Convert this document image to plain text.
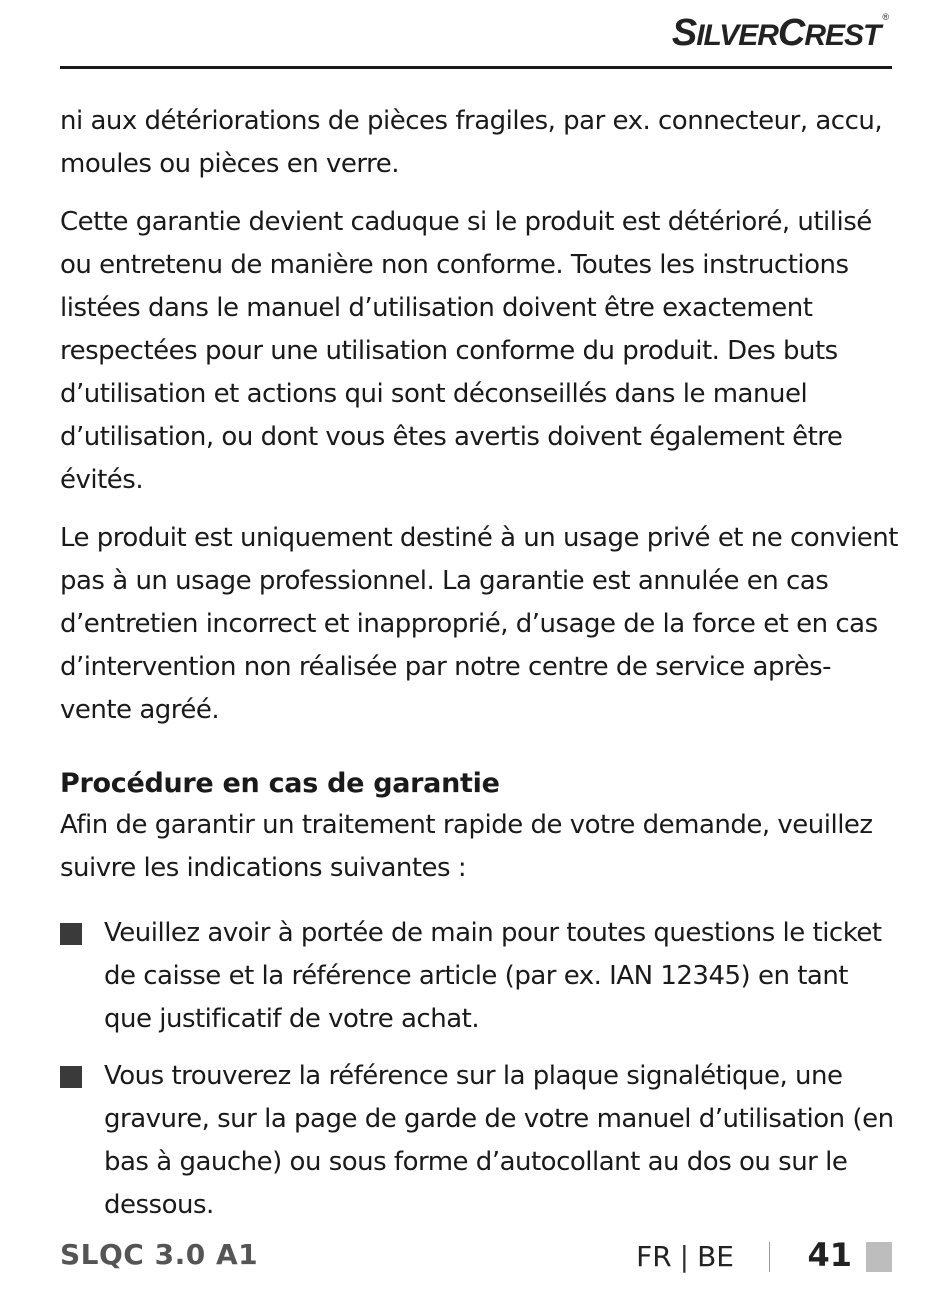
SILVERCREST®

ni aux détériorations de pièces fragiles, par ex. connecteur, accu, moules ou pièces en verre.

Cette garantie devient caduque si le produit est détérioré, utilisé ou entretenu de manière non conforme. Toutes les instructions listées dans le manuel d’utilisation doivent être exactement respectées pour une utilisation conforme du produit. Des buts d’utilisation et actions qui sont déconseillés dans le manuel d’utilisation, ou dont vous êtes avertis doivent également être évités.

Le produit est uniquement destiné à un usage privé et ne convient pas à un usage professionnel. La garantie est annulée en cas d’entretien incorrect et inapproprié, d’usage de la force et en cas d’intervention non réalisée par notre centre de service après-vente agréé.

Procédure en cas de garantie

Afin de garantir un traitement rapide de votre demande, veuillez suivre les indications suivantes :

Veuillez avoir à portée de main pour toutes questions le ticket de caisse et la référence article (par ex. IAN 12345) en tant que justificatif de votre achat.
Vous trouverez la référence sur la plaque signalétique, une gravure, sur la page de garde de votre manuel d’utilisation (en bas à gauche) ou sous forme d’autocollant au dos ou sur le dessous.
SLQC 3.0 A1	FR | BE 41
